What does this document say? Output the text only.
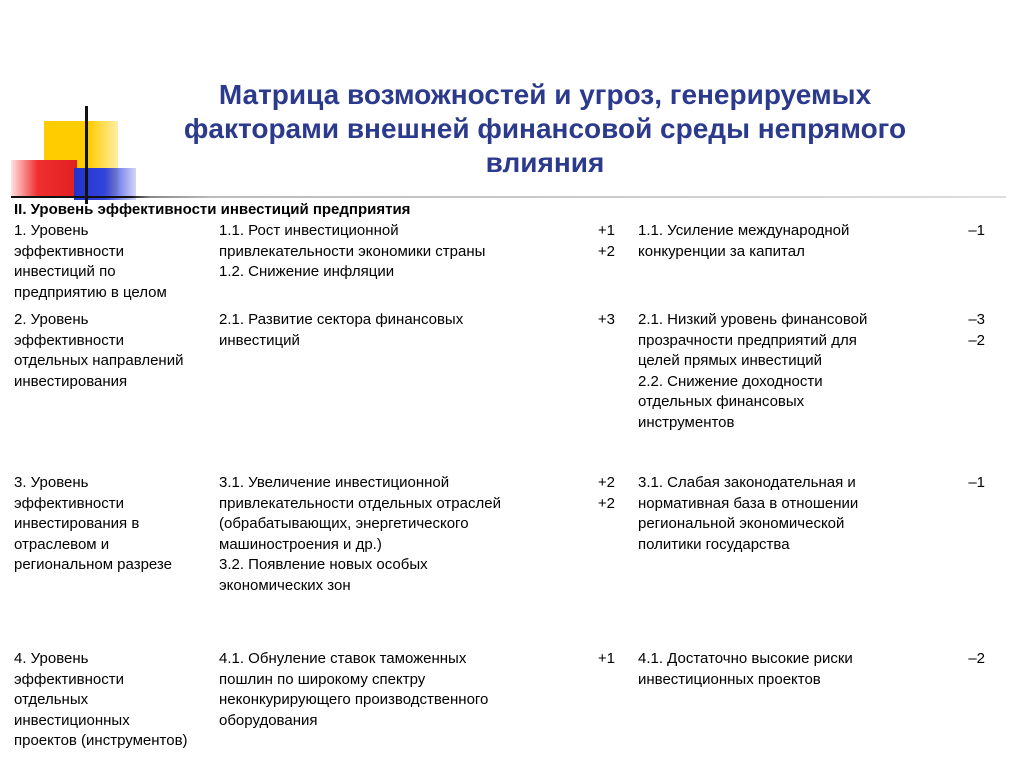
Матрица возможностей и угроз, генерируемых факторами внешней финансовой среды непрямого влияния

II. Уровень эффективности инвестиций предприятия

1. Уровень
эффективности
инвестиций по
предприятию в целом
1.1. Рост инвестиционной
привлекательности экономики страны
1.2. Снижение инфляции
+1
+2
1.1. Усиление международной
конкуренции за капитал
–1
2. Уровень
эффективности
отдельных направлений
инвестирования
2.1. Развитие сектора финансовых
инвестиций
+3 2.1. Низкий уровень финансовой
прозрачности предприятий для
целей прямых инвестиций
2.2. Снижение доходности
отдельных финансовых
инструментов
–3
–2
3. Уровень
эффективности
инвестирования в
отраслевом и
региональном разрезе
3.1. Увеличение инвестиционной
привлекательности отдельных отраслей
(обрабатывающих, энергетического
машиностроения и др.)
3.2. Появление новых особых
экономических зон
+2
+2
3.1. Слабая законодательная и
нормативная база в отношении
региональной экономической
политики государства
–1
4. Уровень
эффективности
отдельных
инвестиционных
проектов (инструментов)
4.1. Обнуление ставок таможенных
пошлин по широкому спектру
неконкурирующего производственного
оборудования
+1 4.1. Достаточно высокие риски
инвестиционных проектов
–2
